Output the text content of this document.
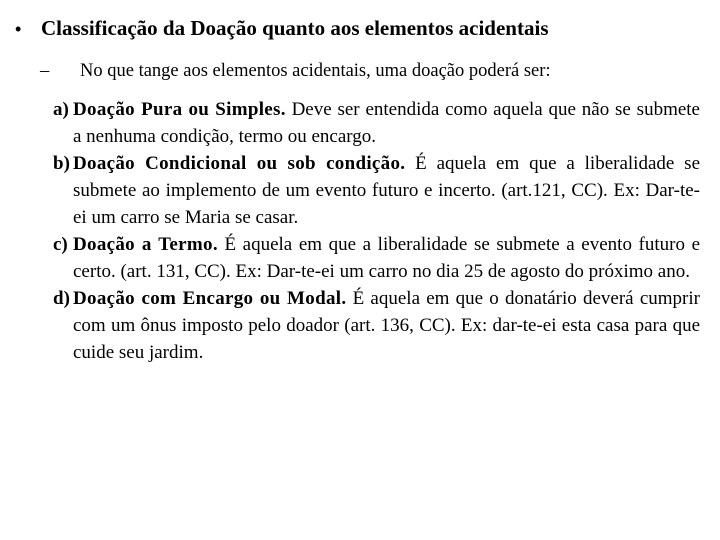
• Classificação da Doação quanto aos elementos acidentais
– No que tange aos elementos acidentais, uma doação poderá ser:
a) Doação Pura ou Simples. Deve ser entendida como aquela que não se submete a nenhuma condição, termo ou encargo.
b) Doação Condicional ou sob condição. É aquela em que a liberalidade se submete ao implemento de um evento futuro e incerto. (art.121, CC). Ex: Dar-te-ei um carro se Maria se casar.
c) Doação a Termo. É aquela em que a liberalidade se submete a evento futuro e certo. (art. 131, CC). Ex: Dar-te-ei um carro no dia 25 de agosto do próximo ano.
d) Doação com Encargo ou Modal. É aquela em que o donatário deverá cumprir com um ônus imposto pelo doador (art. 136, CC). Ex: dar-te-ei esta casa para que cuide seu jardim.
